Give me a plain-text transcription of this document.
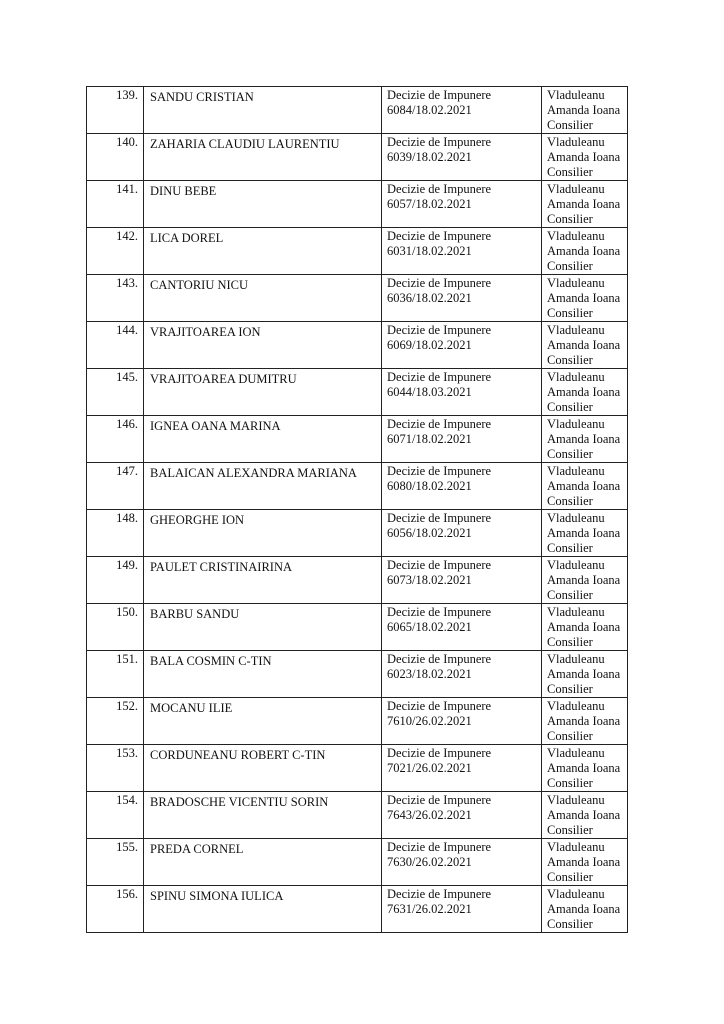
139.	SANDU CRISTIAN	Decizie de Impunere
6084/18.02.2021	Vladuleanu
Amanda Ioana
Consilier

140.	ZAHARIA CLAUDIU LAURENTIU	Decizie de Impunere
6039/18.02.2021	Vladuleanu
Amanda Ioana
Consilier

141.	DINU BEBE	Decizie de Impunere
6057/18.02.2021	Vladuleanu
Amanda Ioana
Consilier

142.	LICA DOREL	Decizie de Impunere
6031/18.02.2021	Vladuleanu
Amanda Ioana
Consilier

143.	CANTORIU NICU	Decizie de Impunere
6036/18.02.2021	Vladuleanu
Amanda Ioana
Consilier

144.	VRAJITOAREA ION	Decizie de Impunere
6069/18.02.2021	Vladuleanu
Amanda Ioana
Consilier

145.	VRAJITOAREA DUMITRU	Decizie de Impunere
6044/18.03.2021	Vladuleanu
Amanda Ioana
Consilier

146.	IGNEA OANA MARINA	Decizie de Impunere
6071/18.02.2021	Vladuleanu
Amanda Ioana
Consilier

147.	BALAICAN ALEXANDRA MARIANA	Decizie de Impunere
6080/18.02.2021	Vladuleanu
Amanda Ioana
Consilier

148.	GHEORGHE ION	Decizie de Impunere
6056/18.02.2021	Vladuleanu
Amanda Ioana
Consilier

149.	PAULET CRISTINAIRINA	Decizie de Impunere
6073/18.02.2021	Vladuleanu
Amanda Ioana
Consilier

150.	BARBU SANDU	Decizie de Impunere
6065/18.02.2021	Vladuleanu
Amanda Ioana
Consilier

151.	BALA COSMIN C-TIN	Decizie de Impunere
6023/18.02.2021	Vladuleanu
Amanda Ioana
Consilier

152.	MOCANU ILIE	Decizie de Impunere
7610/26.02.2021	Vladuleanu
Amanda Ioana
Consilier

153.	CORDUNEANU ROBERT C-TIN	Decizie de Impunere
7021/26.02.2021	Vladuleanu
Amanda Ioana
Consilier

154.	BRADOSCHE VICENTIU SORIN	Decizie de Impunere
7643/26.02.2021	Vladuleanu
Amanda Ioana
Consilier

155.	PREDA CORNEL	Decizie de Impunere
7630/26.02.2021	Vladuleanu
Amanda Ioana
Consilier

156.	SPINU SIMONA IULICA	Decizie de Impunere
7631/26.02.2021	Vladuleanu
Amanda Ioana
Consilier
